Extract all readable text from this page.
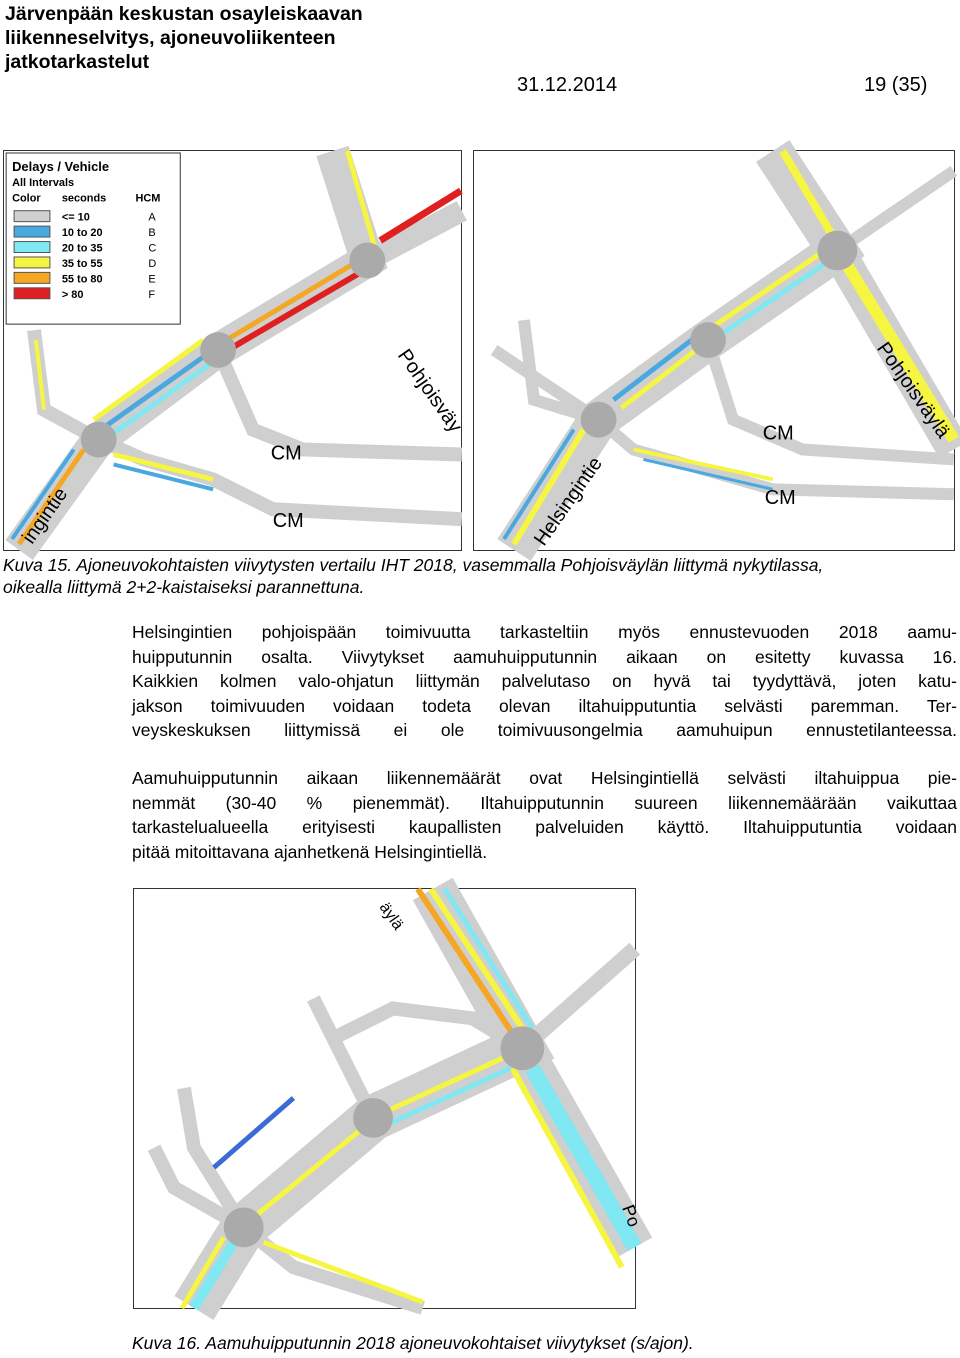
Järvenpään keskustan osayleiskaavan
liikenneselvitys, ajoneuvoliikenteen
jatkotarkastelut
31.12.2014	19 (35)
CM
CM
Pohjoisväy
ingintie
Delays / Vehicle
All Intervals
Color seconds	HCM
<= 10	A
10 to 20	B
20 to 35	C
35 to 55	D
55 to 80	E
> 80	F
CM
CM
Pohjoisväylä
Helsingintie
Kuva 15. Ajoneuvokohtaisten viivytysten vertailu IHT 2018, vasemmalla Pohjoisväylän liittymä nykytilassa,
oikealla liittymä 2+2-kaistaiseksi parannettuna.
Helsingintien pohjoispään toimivuutta tarkasteltiin myös ennustevuoden 2018 aamu-
huipputunnin osalta. Viivytykset aamuhuipputunnin aikaan on esitetty kuvassa 16.
Kaikkien kolmen valo-ohjatun liittymän palvelutaso on hyvä tai tyydyttävä, joten katu-
jakson toimivuuden voidaan todeta olevan iltahuipputuntia selvästi paremman. Ter-
veyskeskuksen liittymissä ei ole toimivuusongelmia aamuhuipun ennustetilanteessa.
Aamuhuipputunnin aikaan liikennemäärät ovat Helsingintiellä selvästi iltahuippua pie-
nemmät (30-40 % pienemmät). Iltahuipputunnin suureen liikennemäärään vaikuttaa
tarkastelualueella erityisesti kaupallisten palveluiden käyttö. Iltahuipputuntia voidaan
pitää mitoittavana ajanhetkenä Helsingintiellä.
äylä
Po
Kuva 16. Aamuhuipputunnin 2018 ajoneuvokohtaiset viivytykset (s/ajon).
